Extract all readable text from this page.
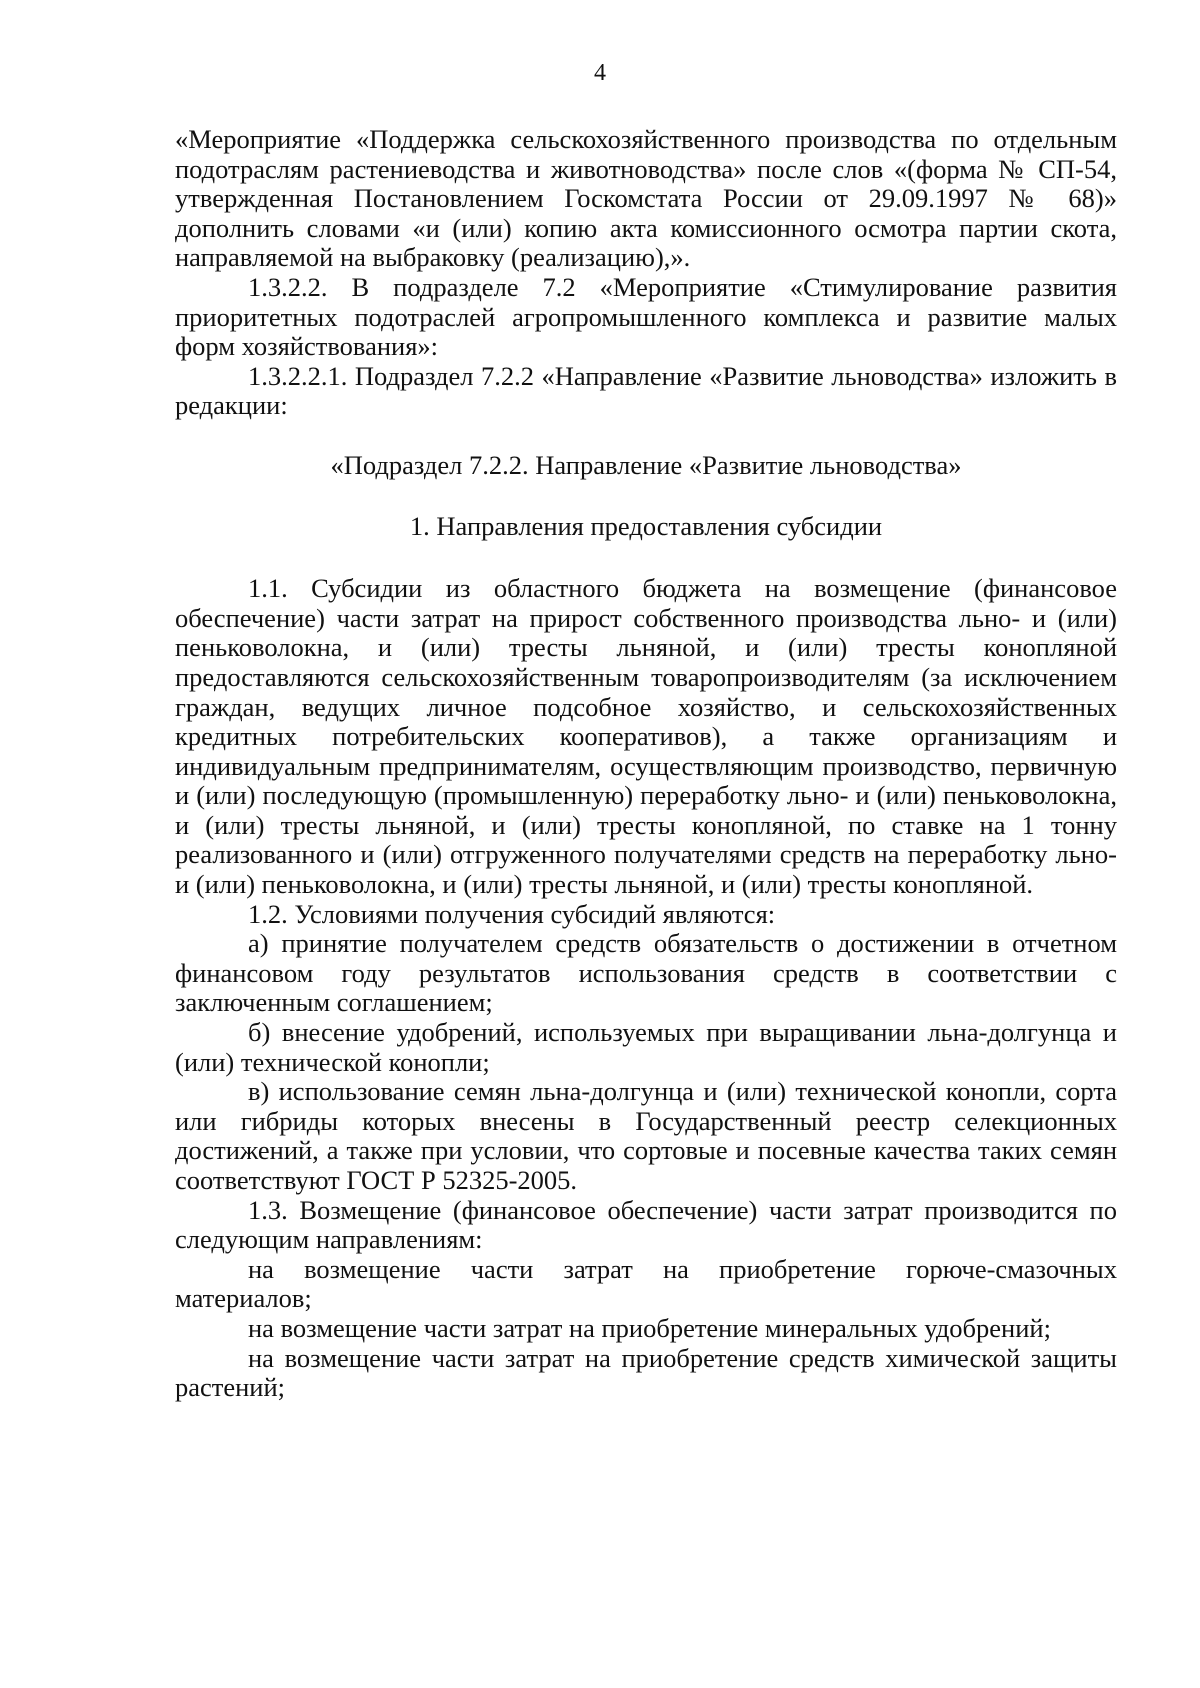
4

«Мероприятие «Поддержка сельскохозяйственного производства по отдельным подотраслям растениеводства и животноводства» после слов «(форма № СП-54, утвержденная Постановлением Госкомстата России от 29.09.1997 № 68)» дополнить словами «и (или) копию акта комиссионного осмотра партии скота, направляемой на выбраковку (реализацию),».

1.3.2.2. В подразделе 7.2 «Мероприятие «Стимулирование развития приоритетных подотраслей агропромышленного комплекса и развитие малых форм хозяйствования»:

1.3.2.2.1. Подраздел 7.2.2 «Направление «Развитие льноводства» изложить в редакции:

«Подраздел 7.2.2. Направление «Развитие льноводства»

1. Направления предоставления субсидии

1.1. Субсидии из областного бюджета на возмещение (финансовое обеспечение) части затрат на прирост собственного производства льно- и (или) пеньковолокна, и (или) тресты льняной, и (или) тресты конопляной предоставляются сельскохозяйственным товаропроизводителям (за исключением граждан, ведущих личное подсобное хозяйство, и сельскохозяйственных кредитных потребительских кооперативов), а также организациям и индивидуальным предпринимателям, осуществляющим производство, первичную и (или) последующую (промышленную) переработку льно- и (или) пеньковолокна, и (или) тресты льняной, и (или) тресты конопляной, по ставке на 1 тонну реализованного и (или) отгруженного получателями средств на переработку льно- и (или) пеньковолокна, и (или) тресты льняной, и (или) тресты конопляной.

1.2. Условиями получения субсидий являются:

а) принятие получателем средств обязательств о достижении в отчетном финансовом году результатов использования средств в соответствии с заключенным соглашением;

б) внесение удобрений, используемых при выращивании льна-долгунца и (или) технической конопли;

в) использование семян льна-долгунца и (или) технической конопли, сорта или гибриды которых внесены в Государственный реестр селекционных достижений, а также при условии, что сортовые и посевные качества таких семян соответствуют ГОСТ Р 52325-2005.

1.3. Возмещение (финансовое обеспечение) части затрат производится по следующим направлениям:

на возмещение части затрат на приобретение горюче-смазочных материалов;

на возмещение части затрат на приобретение минеральных удобрений;

на возмещение части затрат на приобретение средств химической защиты растений;
